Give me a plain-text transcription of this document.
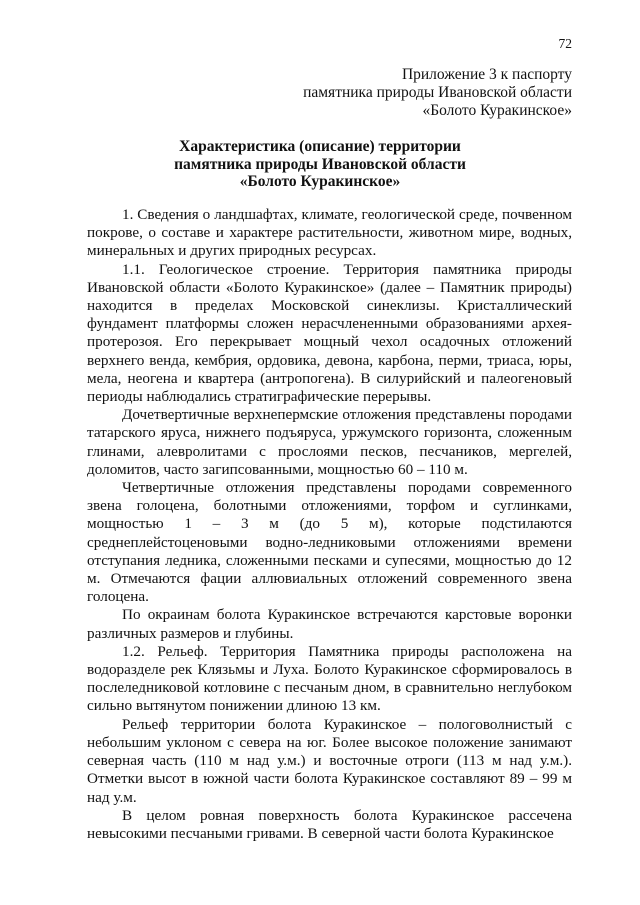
72
Приложение 3 к паспорту
памятника природы Ивановской области
«Болото Куракинское»
Характеристика (описание) территории
памятника природы Ивановской области
«Болото Куракинское»

1. Сведения о ландшафтах, климате, геологической среде, почвенном покрове, о составе и характере растительности, животном мире, водных, минеральных и других природных ресурсах.

1.1. Геологическое строение. Территория памятника природы Ивановской области «Болото Куракинское» (далее – Памятник природы) находится в пределах Московской синеклизы. Кристаллический фундамент платформы сложен нерасчлененными образованиями архея-протерозоя. Его перекрывает мощный чехол осадочных отложений верхнего венда, кембрия, ордовика, девона, карбона, перми, триаса, юры, мела, неогена и квартера (антропогена). В силурийский и палеогеновый периоды наблюдались стратиграфические перерывы.

Дочетвертичные верхнепермские отложения представлены породами татарского яруса, нижнего подъяруса, уржумского горизонта, сложенным глинами, алевролитами с прослоями песков, песчаников, мергелей, доломитов, часто загипсованными, мощностью 60 – 110 м.

Четвертичные отложения представлены породами современного звена голоцена, болотными отложениями, торфом и суглинками, мощностью 1 – 3 м (до 5 м), которые подстилаются среднеплейстоценовыми водно-ледниковыми отложениями времени отступания ледника, сложенными песками и супесями, мощностью до 12 м. Отмечаются фации аллювиальных отложений современного звена голоцена.

По окраинам болота Куракинское встречаются карстовые воронки различных размеров и глубины.

1.2. Рельеф. Территория Памятника природы расположена на водоразделе рек Клязьмы и Луха. Болото Куракинское сформировалось в послеледниковой котловине с песчаным дном, в сравнительно неглубоком сильно вытянутом понижении длиною 13 км.

Рельеф территории болота Куракинское – пологоволнистый с небольшим уклоном с севера на юг. Более высокое положение занимают северная часть (110 м над у.м.) и восточные отроги (113 м над у.м.). Отметки высот в южной части болота Куракинское составляют 89 – 99 м над у.м.

В целом ровная поверхность болота Куракинское рассечена невысокими песчаными гривами. В северной части болота Куракинское
